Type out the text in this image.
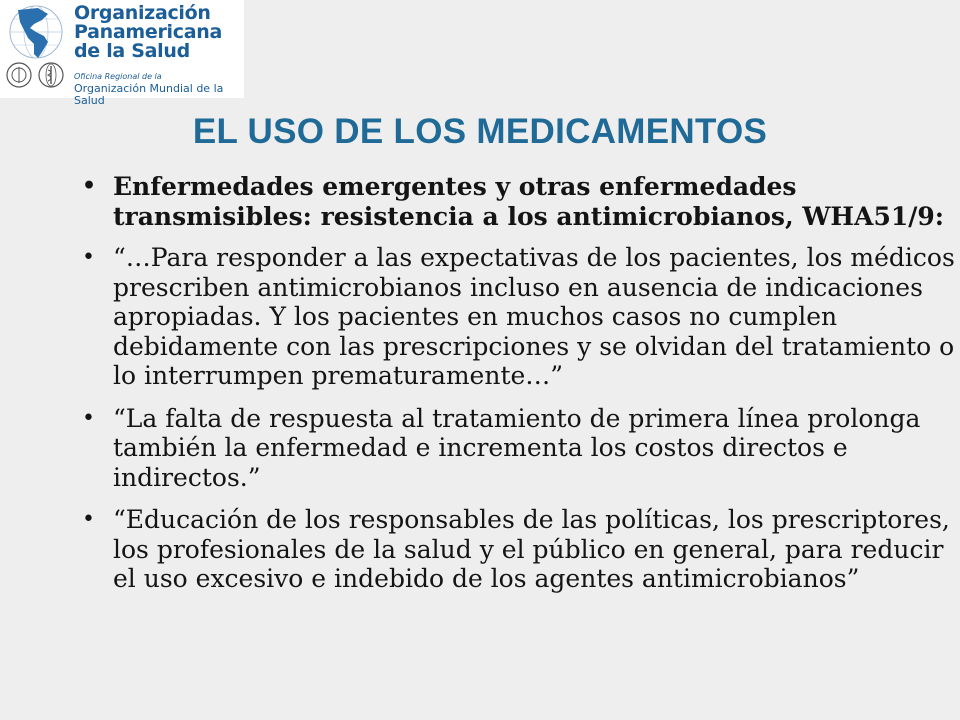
Organización
Panamericana
de la Salud
Oficina Regional de la
Organización Mundial de la Salud
EL USO DE LOS MEDICAMENTOS
• Enfermedades emergentes y otras enfermedades transmisibles: resistencia a los antimicrobianos, WHA51/9:
• “…Para responder a las expectativas de los pacientes, los médicos prescriben antimicrobianos incluso en ausencia de indicaciones apropiadas. Y los pacientes en muchos casos no cumplen debidamente con las prescripciones y se olvidan del tratamiento o lo interrumpen prematuramente…”
• “La falta de respuesta al tratamiento de primera línea prolonga también la enfermedad e incrementa los costos directos e indirectos.”
• “Educación de los responsables de las políticas, los prescriptores, los profesionales de la salud y el público en general, para reducir el uso excesivo e indebido de los agentes antimicrobianos”
